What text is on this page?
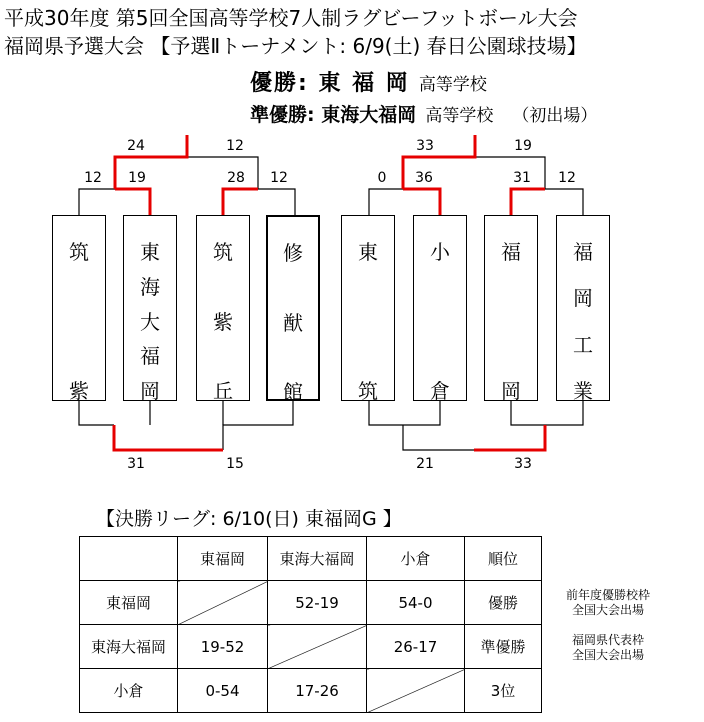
平成30年度 第5回全国高等学校7人制ラグビーフットボール大会
福岡県予選大会 【予選Ⅱトーナメント: 6/9(土) 春日公園球技場】
優勝: 東 福 岡 高等学校
準優勝: 東海大福岡 高等学校 （初出場）
12	19	28	12	0	36	31	12
24	12	33	19
31	15	21	33
筑
紫
東
海
大
福
岡
筑
紫
丘
修
猷
館
東
筑
小
倉
福
岡
福
岡
工
業
【決勝リーグ: 6/10(日) 東福岡G 】
	東福岡	東海大福岡	小倉	順位
東福岡		52-19	54-0	優勝
東海大福岡	19-52		26-17	準優勝
小倉	0-54	17-26		3位
前年度優勝校枠
全国大会出場
福岡県代表枠
全国大会出場
